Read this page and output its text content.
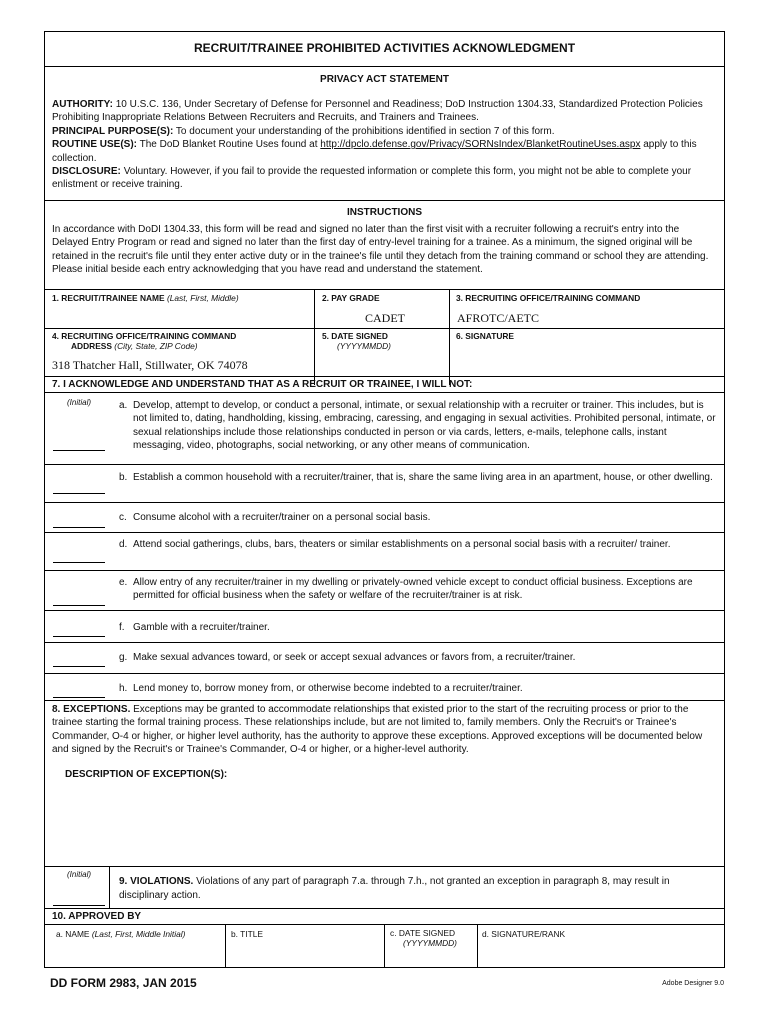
RECRUIT/TRAINEE PROHIBITED ACTIVITIES ACKNOWLEDGMENT
PRIVACY ACT STATEMENT
AUTHORITY: 10 U.S.C. 136, Under Secretary of Defense for Personnel and Readiness; DoD Instruction 1304.33, Standardized Protection Policies Prohibiting Inappropriate Relations Between Recruiters and Recruits, and Trainers and Trainees.
PRINCIPAL PURPOSE(S): To document your understanding of the prohibitions identified in section 7 of this form.
ROUTINE USE(S): The DoD Blanket Routine Uses found at http://dpclo.defense.gov/Privacy/SORNsIndex/BlanketRoutineUses.aspx apply to this collection.
DISCLOSURE: Voluntary. However, if you fail to provide the requested information or complete this form, you might not be able to complete your enlistment or receive training.
INSTRUCTIONS
In accordance with DoDI 1304.33, this form will be read and signed no later than the first visit with a recruiter following a recruit's entry into the Delayed Entry Program or read and signed no later than the first day of entry-level training for a trainee. As a minimum, the signed original will be retained in the recruit's file until they enter active duty or in the trainee's file until they detach from the training command or school they are attending. Please initial beside each entry acknowledging that you have read and understand the statement.
1. RECRUIT/TRAINEE NAME (Last, First, Middle)	2. PAY GRADE
CADET
3. RECRUITING OFFICE/TRAINING COMMAND
AFROTC/AETC
4. RECRUITING OFFICE/TRAINING COMMAND
ADDRESS (City, State, ZIP Code)
318 Thatcher Hall, Stillwater, OK 74078
5. DATE SIGNED
(YYYYMMDD)
6. SIGNATURE
7. I ACKNOWLEDGE AND UNDERSTAND THAT AS A RECRUIT OR TRAINEE, I WILL NOT:
(Initial)	a. Develop, attempt to develop, or conduct a personal, intimate, or sexual relationship with a recruiter or trainer. This includes, but is not limited to, dating, handholding, kissing, embracing, caressing, and engaging in sexual activities. Prohibited personal, intimate, or sexual relationships include those relationships conducted in person or via cards, letters, e-mails, telephone calls, instant messaging, video, photographs, social networking, or any other means of communication.
b. Establish a common household with a recruiter/trainer, that is, share the same living area in an apartment, house, or other dwelling.
c. Consume alcohol with a recruiter/trainer on a personal social basis.
d. Attend social gatherings, clubs, bars, theaters or similar establishments on a personal social basis with a recruiter/ trainer.
e. Allow entry of any recruiter/trainer in my dwelling or privately-owned vehicle except to conduct official business. Exceptions are permitted for official business when the safety or welfare of the recruiter/trainer is at risk.
f. Gamble with a recruiter/trainer.
g. Make sexual advances toward, or seek or accept sexual advances or favors from, a recruiter/trainer.
h. Lend money to, borrow money from, or otherwise become indebted to a recruiter/trainer.
8. EXCEPTIONS. Exceptions may be granted to accommodate relationships that existed prior to the start of the recruiting process or prior to the trainee starting the formal training process. These relationships include, but are not limited to, family members. Only the Recruit's or Trainee's Commander, O-4 or higher, or higher level authority, has the authority to approve these exceptions. Approved exceptions will be documented below and signed by the Recruit's or Trainee's Commander, O-4 or higher, or a higher-level authority.
DESCRIPTION OF EXCEPTION(S):
(Initial)
9. VIOLATIONS. Violations of any part of paragraph 7.a. through 7.h., not granted an exception in paragraph 8, may result in disciplinary action.
10. APPROVED BY
a. NAME (Last, First, Middle Initial)	b. TITLE	c. DATE SIGNED
(YYYYMMDD)
d. SIGNATURE/RANK
DD FORM 2983, JAN 2015	Adobe Designer 9.0
